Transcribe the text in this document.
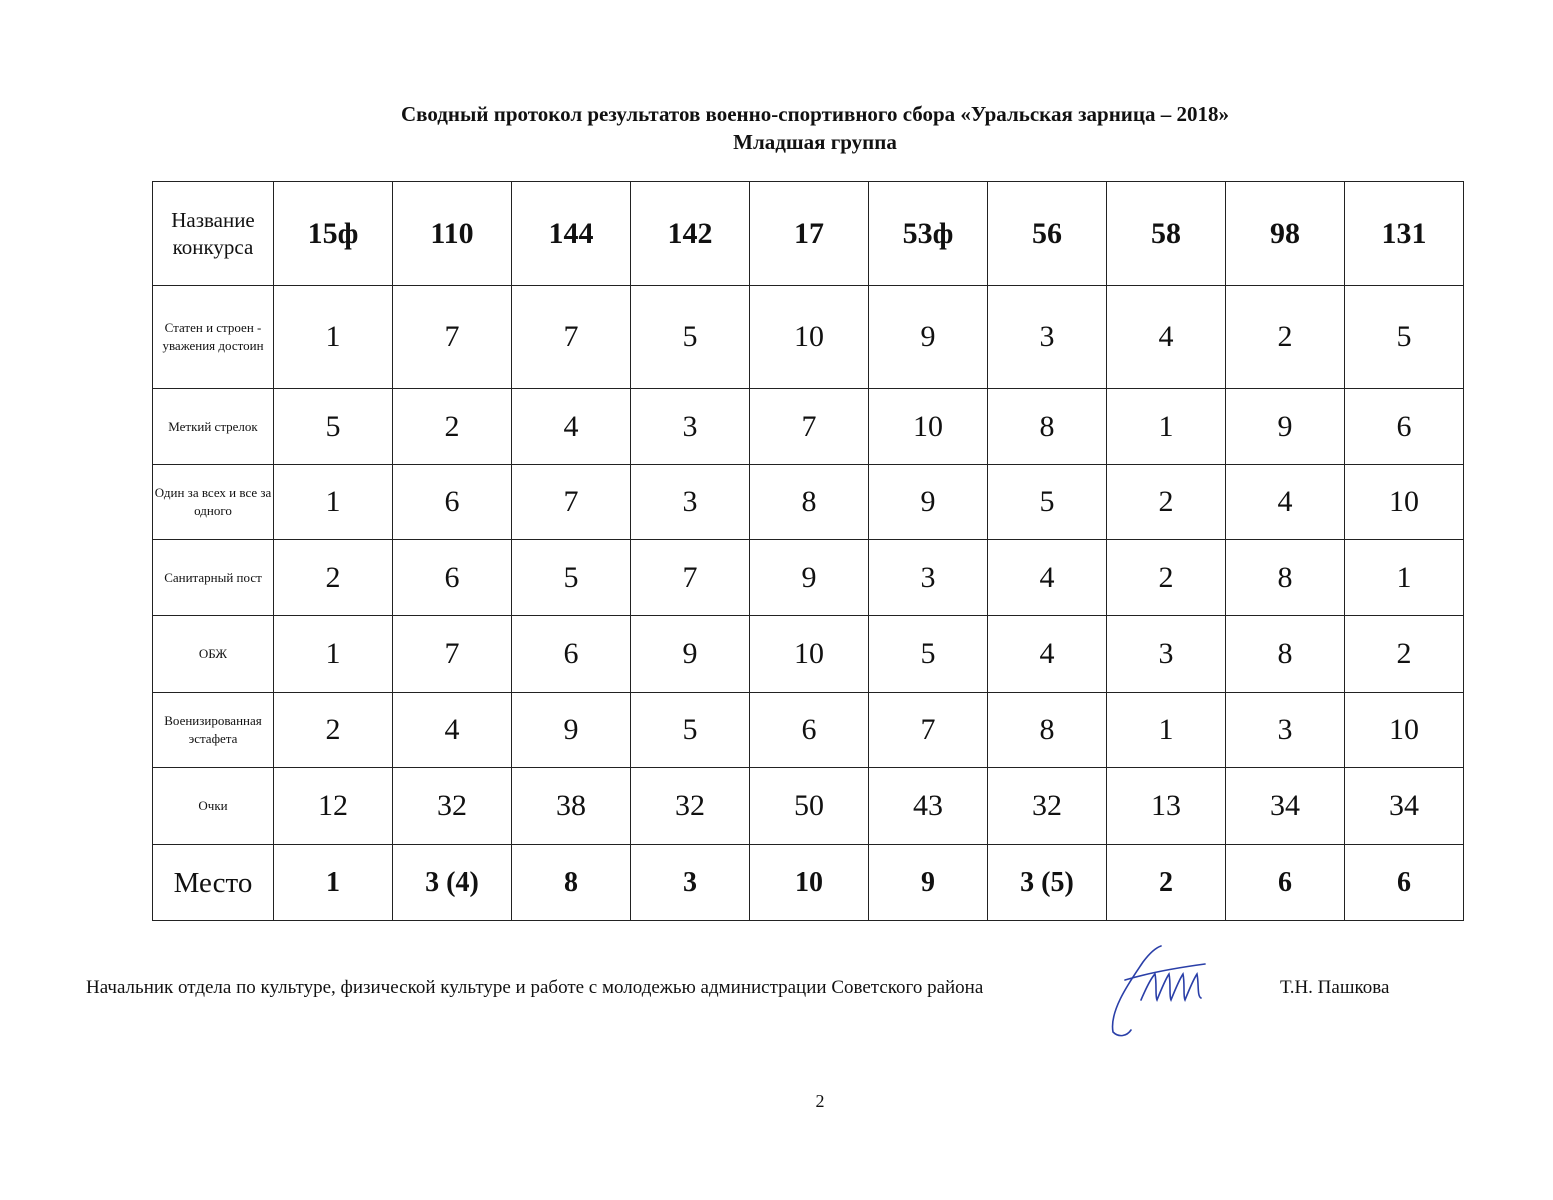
Сводный протокол результатов военно-спортивного сбора «Уральская зарница – 2018»
Младшая группа
Название конкурса	15ф	110	144	142	17	53ф	56	58	98	131
Статен и строен - уважения достоин	1	7	7	5	10	9	3	4	2	5
Меткий стрелок	5	2	4	3	7	10	8	1	9	6
Один за всех и все за одного	1	6	7	3	8	9	5	2	4	10
Санитарный пост	2	6	5	7	9	3	4	2	8	1
ОБЖ	1	7	6	9	10	5	4	3	8	2
Военизированная эстафета	2	4	9	5	6	7	8	1	3	10
Очки	12	32	38	32	50	43	32	13	34	34
Место	1	3 (4)	8	3	10	9	3 (5)	2	6	6
Начальник отдела по культуре, физической культуре и работе с молодежью администрации Советского района	Т.Н. Пашкова
2
